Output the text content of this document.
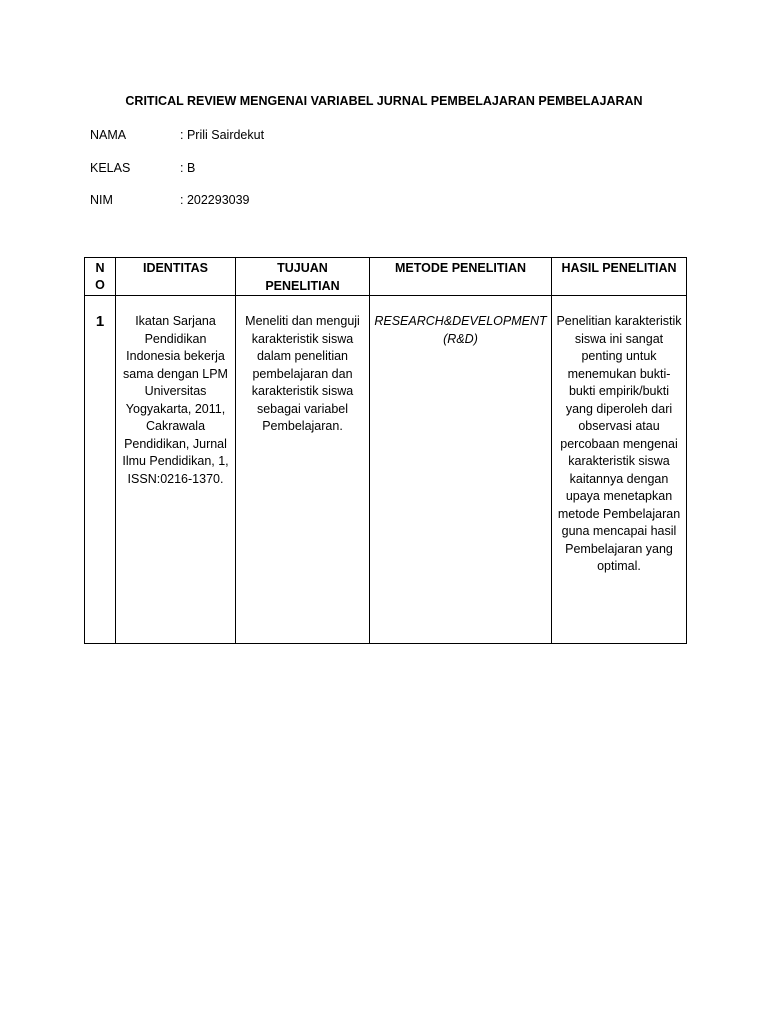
CRITICAL REVIEW MENGENAI VARIABEL JURNAL PEMBELAJARAN PEMBELAJARAN
NAMA	: Prili Sairdekut
KELAS	: B
NIM	: 202293039
N O	IDENTITAS	TUJUAN PENELITIAN	METODE PENELITIAN	HASIL PENELITIAN
1	Ikatan Sarjana Pendidikan Indonesia bekerja sama dengan LPM Universitas Yogyakarta, 2011, Cakrawala Pendidikan, Jurnal Ilmu Pendidikan, 1, ISSN:0216-1370.	Meneliti dan menguji karakteristik siswa dalam penelitian pembelajaran dan karakteristik siswa sebagai variabel Pembelajaran.	RESEARCH&DEVELOPMENT (R&D)	Penelitian karakteristik siswa ini sangat penting untuk menemukan bukti-bukti empirik/bukti yang diperoleh dari observasi atau percobaan mengenai karakteristik siswa kaitannya dengan upaya menetapkan metode Pembelajaran guna mencapai hasil Pembelajaran yang optimal.
